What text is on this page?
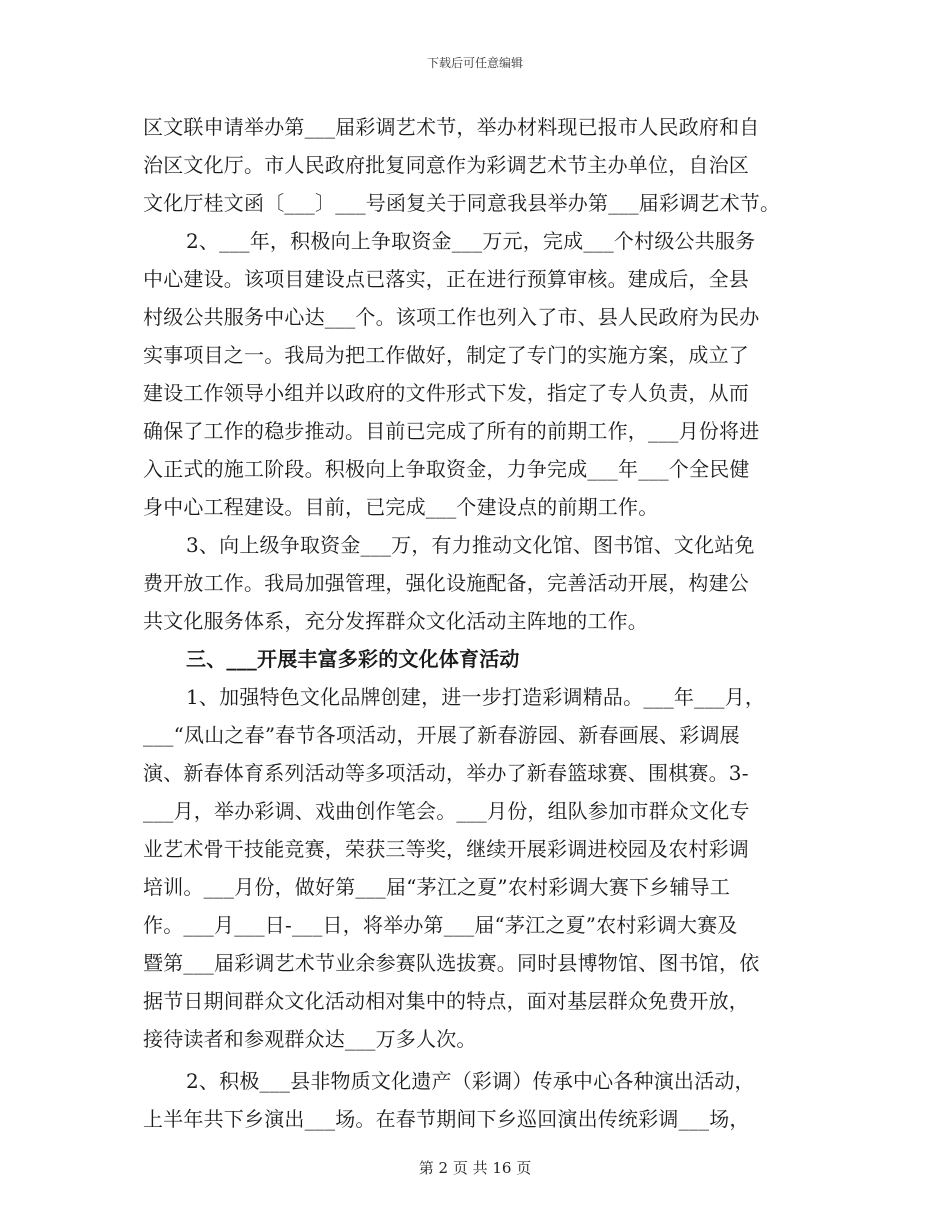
下载后可任意编辑
区文联申请举办第___届彩调艺术节，举办材料现已报市人民政府和自
治区文化厅。市人民政府批复同意作为彩调艺术节主办单位，自治区
文化厅桂文函〔___〕___号函复关于同意我县举办第___届彩调艺术节。
2、___年，积极向上争取资金___万元，完成___个村级公共服务
中心建设。该项目建设点已落实，正在进行预算审核。建成后，全县
村级公共服务中心达___个。该项工作也列入了市、县人民政府为民办
实事项目之一。我局为把工作做好，制定了专门的实施方案，成立了
建设工作领导小组并以政府的文件形式下发，指定了专人负责，从而
确保了工作的稳步推动。目前已完成了所有的前期工作，___月份将进
入正式的施工阶段。积极向上争取资金，力争完成___年___个全民健
身中心工程建设。目前，已完成___个建设点的前期工作。
3、向上级争取资金___万，有力推动文化馆、图书馆、文化站免
费开放工作。我局加强管理，强化设施配备，完善活动开展，构建公
共文化服务体系，充分发挥群众文化活动主阵地的工作。
三、___开展丰富多彩的文化体育活动
1、加强特色文化品牌创建，进一步打造彩调精品。___年___月，
___“凤山之春”春节各项活动，开展了新春游园、新春画展、彩调展
演、新春体育系列活动等多项活动，举办了新春篮球赛、围棋赛。3-
___月，举办彩调、戏曲创作笔会。___月份，组队参加市群众文化专
业艺术骨干技能竞赛，荣获三等奖，继续开展彩调进校园及农村彩调
培训。___月份，做好第___届“茅江之夏”农村彩调大赛下乡辅导工
作。___月___日-___日，将举办第___届“茅江之夏”农村彩调大赛及
暨第___届彩调艺术节业余参赛队选拔赛。同时县博物馆、图书馆，依
据节日期间群众文化活动相对集中的特点，面对基层群众免费开放，
接待读者和参观群众达___万多人次。
2、积极___县非物质文化遗产（彩调）传承中心各种演出活动，
上半年共下乡演出___场。在春节期间下乡巡回演出传统彩调___场，
第 2 页 共 16 页
